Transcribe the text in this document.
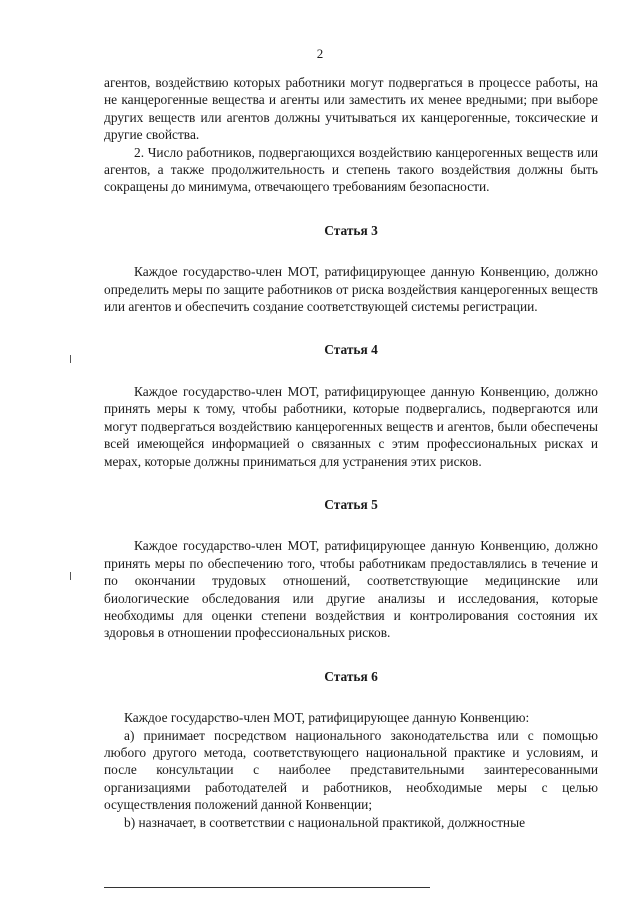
2

агентов, воздействию которых работники могут подвергаться в процессе работы, на не канцерогенные вещества и агенты или заместить их менее вредными; при выборе других веществ или агентов должны учитываться их канцерогенные, токсические и другие свойства.

2. Число работников, подвергающихся воздействию канцерогенных веществ или агентов, а также продолжительность и степень такого воздействия должны быть сокращены до минимума, отвечающего требованиям безопасности.

Статья 3

Каждое государство-член МОТ, ратифицирующее данную Конвенцию, должно определить меры по защите работников от риска воздействия канцерогенных веществ или агентов и обеспечить создание соответствующей системы регистрации.

Статья 4

Каждое государство-член МОТ, ратифицирующее данную Конвенцию, должно принять меры к тому, чтобы работники, которые подвергались, подвергаются или могут подвергаться воздействию канцерогенных веществ и агентов, были обеспечены всей имеющейся информацией о связанных с этим профессиональных рисках и мерах, которые должны приниматься для устранения этих рисков.

Статья 5

Каждое государство-член МОТ, ратифицирующее данную Конвенцию, должно принять меры по обеспечению того, чтобы работникам предоставлялись в течение и по окончании трудовых отношений, соответствующие медицинские или биологические обследования или другие анализы и исследования, которые необходимы для оценки степени воздействия и контролирования состояния их здоровья в отношении профессиональных рисков.

Статья 6

Каждое государство-член МОТ, ратифицирующее данную Конвенцию:

а) принимает посредством национального законодательства или с помощью любого другого метода, соответствующего национальной практике и условиям, и после консультации с наиболее представительными заинтересованными организациями работодателей и работников, необходимые меры с целью осуществления положений данной Конвенции;

b) назначает, в соответствии с национальной практикой, должностные
